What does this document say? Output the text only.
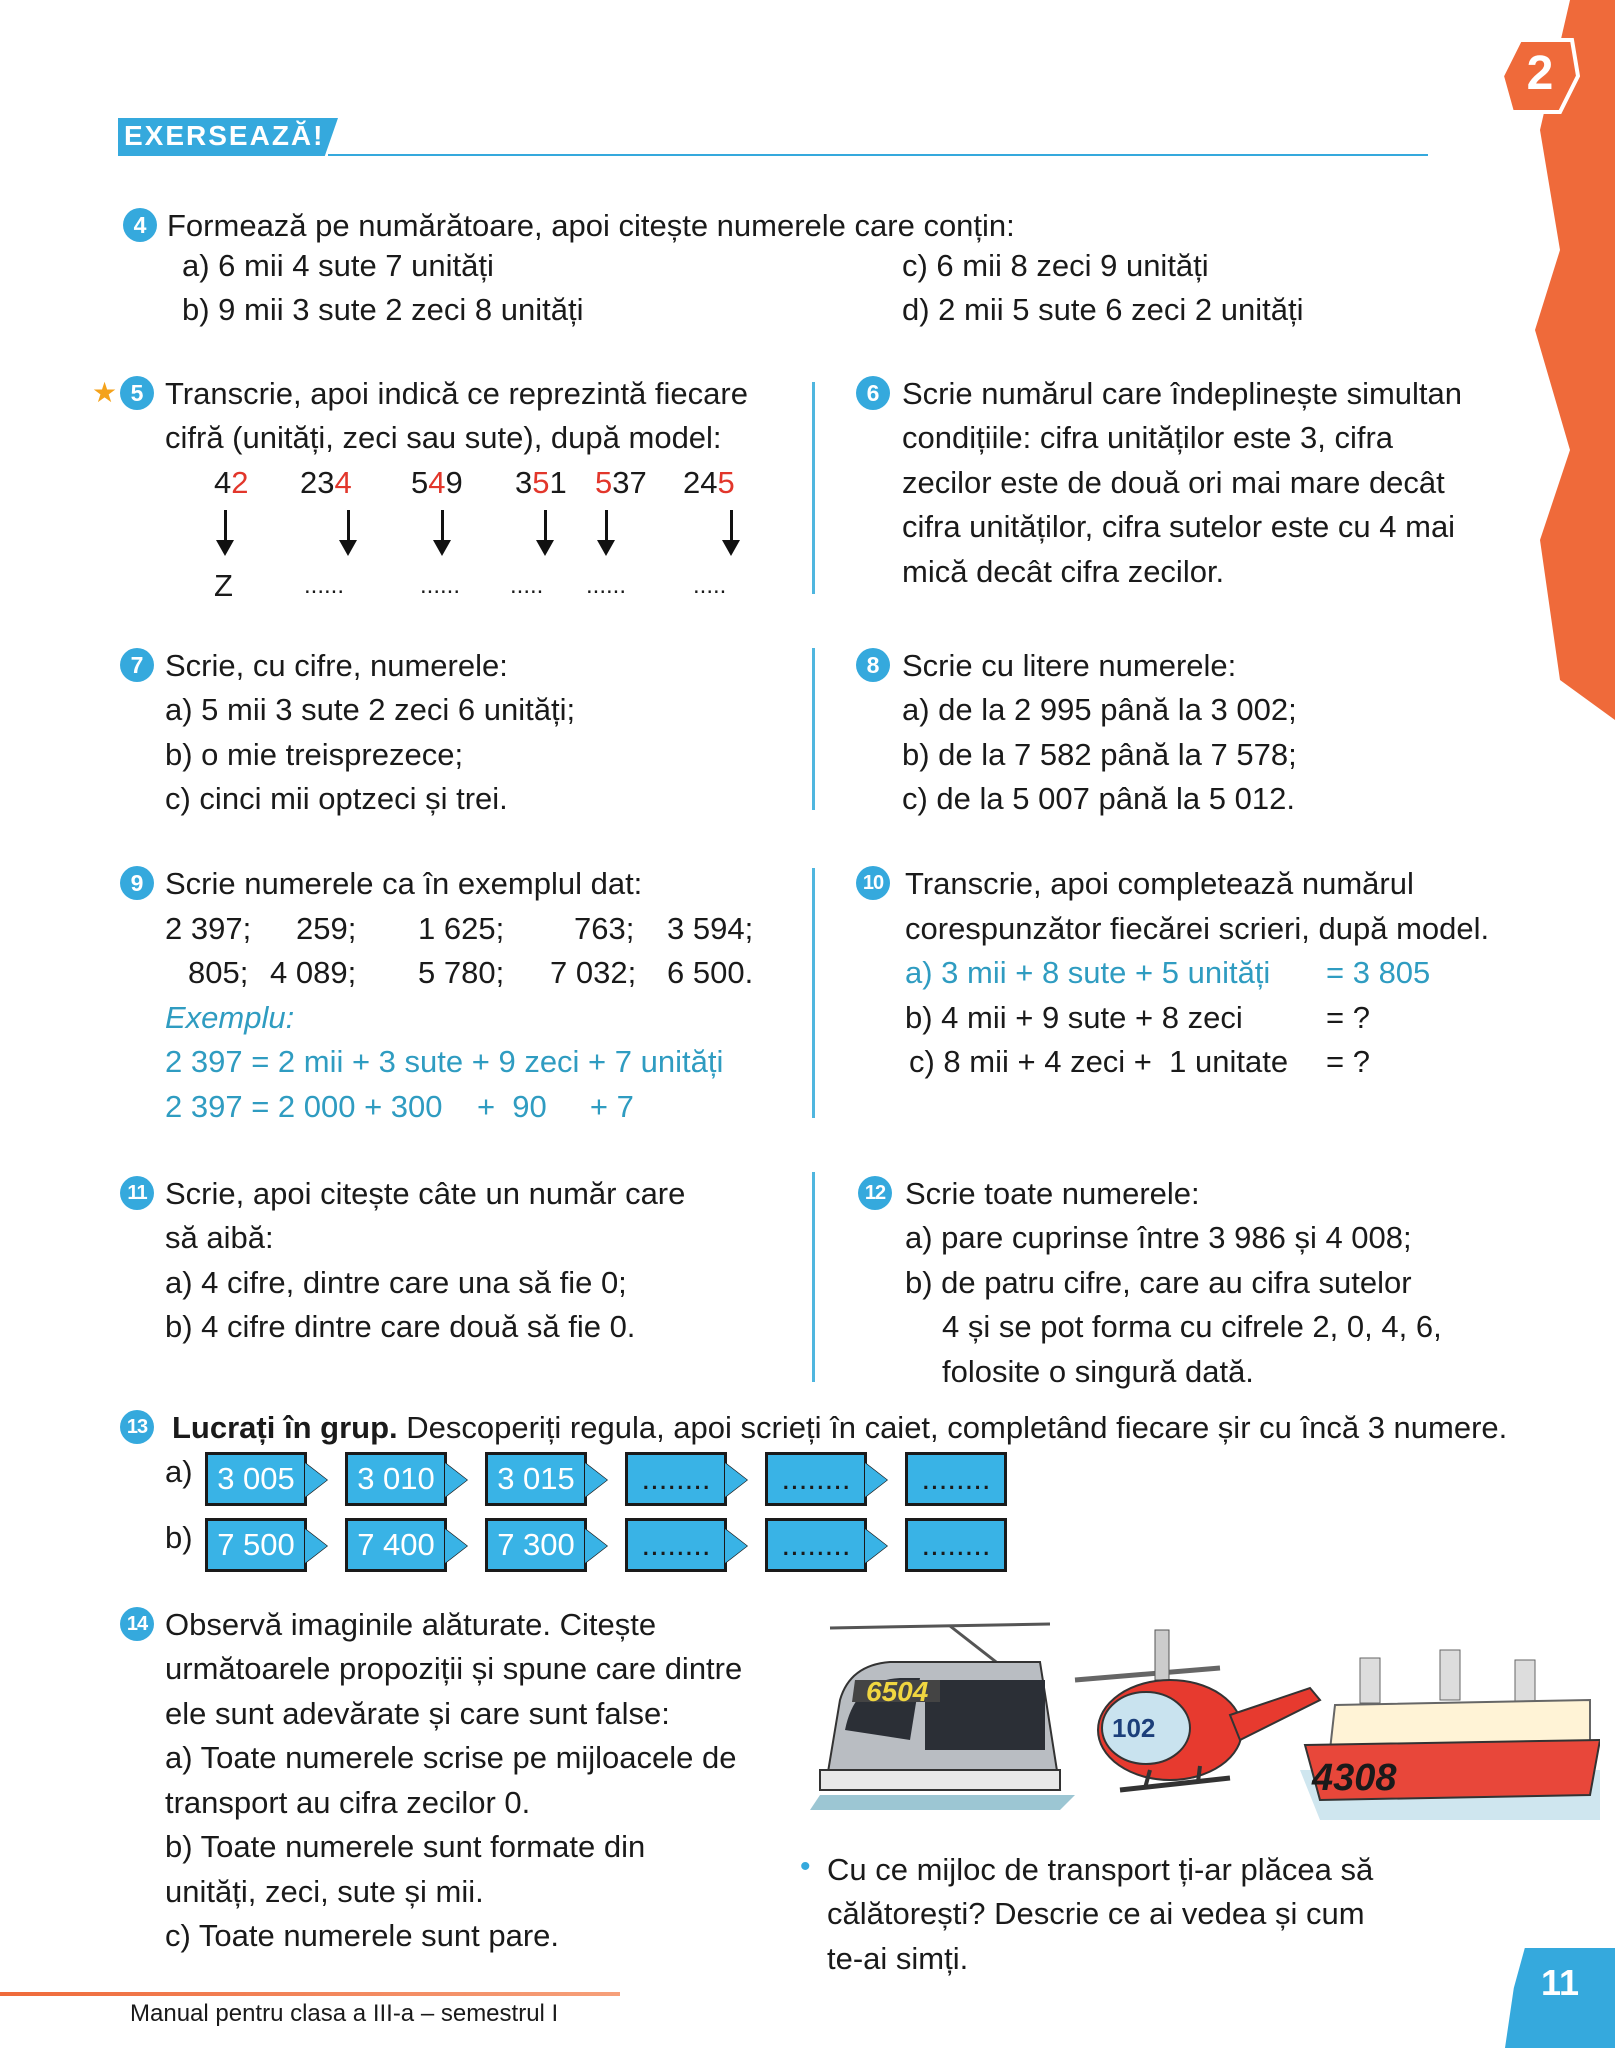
2
EXERSEAZĂ!
4 Formează pe numărătoare, apoi citește numerele care conțin:
a) 6 mii 4 sute 7 unități
b) 9 mii 3 sute 2 zeci 8 unități
c) 6 mii 8 zeci 9 unități
d) 2 mii 5 sute 6 zeci 2 unități
★ 5 Transcrie, apoi indică ce reprezintă fiecare
cifră (unități, zeci sau sute), după model:
42 234 549 351 537 245
Z	......	...... ..... ......	.....
6 Scrie numărul care îndeplinește simultan
condițiile: cifra unităților este 3, cifra
zecilor este de două ori mai mare decât
cifra unităților, cifra sutelor este cu 4 mai
mică decât cifra zecilor.
7 Scrie, cu cifre, numerele:
a) 5 mii 3 sute 2 zeci 6 unități;
b) o mie treisprezece;
c) cinci mii optzeci și trei.
8 Scrie cu litere numerele:
a) de la 2 995 până la 3 002;
b) de la 7 582 până la 7 578;
c) de la 5 007 până la 5 012.
9 Scrie numerele ca în exemplul dat:
2 397; 259; 1 625; 763; 3 594;
805; 4 089; 5 780; 7 032; 6 500.
Exemplu:
2 397 = 2 mii + 3 sute + 9 zeci + 7 unități
2 397 = 2 000 + 300    +  90     + 7
10 Transcrie, apoi completează numărul
corespunzător fiecărei scrieri, după model.
a) 3 mii + 8 sute + 5 unități = 3 805
b) 4 mii + 9 sute + 8 zeci	= ?
c) 8 mii + 4 zeci +  1 unitate = ?
11 Scrie, apoi citește câte un număr care
să aibă:
a) 4 cifre, dintre care una să fie 0;
b) 4 cifre dintre care două să fie 0.
12 Scrie toate numerele:
a) pare cuprinse între 3 986 și 4 008;
b) de patru cifre, care au cifra sutelor
4 și se pot forma cu cifrele 2, 0, 4, 6,
folosite o singură dată.
13 Lucrați în grup. Descoperiți regula, apoi scrieți în caiet, completând fiecare șir cu încă 3 numere.
a) 3 005	3 010	3 015	........	........	........
b) 7 500	7 400	7 300	........	........	........
14 Observă imaginile alăturate. Citește
următoarele propoziții și spune care dintre
ele sunt adevărate și care sunt false:
a) Toate numerele scrise pe mijloacele de
transport au cifra zecilor 0.
b) Toate numerele sunt formate din
unități, zeci, sute și mii.
c) Toate numerele sunt pare.
6504
102
4308
• Cu ce mijloc de transport ți-ar plăcea să
călătorești? Descrie ce ai vedea și cum
te-ai simți.
Manual pentru clasa a III-a – semestrul I
11
